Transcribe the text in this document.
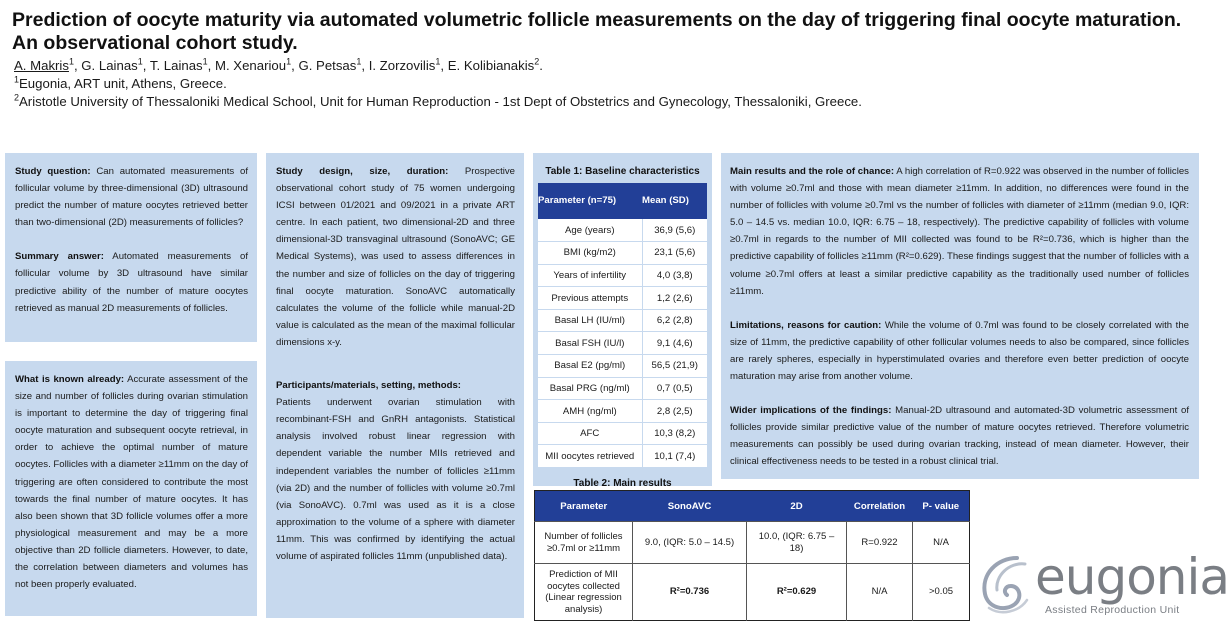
Prediction of oocyte maturity via automated volumetric follicle measurements on the day of triggering final oocyte maturation. An observational cohort study.
A. Makris$^1$, G. Lainas$^1$, T. Lainas$^1$, M. Xenariou$^1$, G. Petsas$^1$, I. Zorzovilis$^1$, E. Kolibianakis$^2$.
$^1$Eugonia, ART unit, Athens, Greece.
$^2$Aristotle University of Thessaloniki Medical School, Unit for Human Reproduction - 1st Dept of Obstetrics and Gynecology, Thessaloniki, Greece.

Study question: Can automated measurements of follicular volume by three-dimensional (3D) ultrasound predict the number of mature oocytes retrieved better than two-dimensional (2D) measurements of follicles?

Summary answer: Automated measurements of follicular volume by 3D ultrasound have similar predictive ability of the number of mature oocytes retrieved as manual 2D measurements of follicles.

What is known already: Accurate assessment of the size and number of follicles during ovarian stimulation is important to determine the day of triggering final oocyte maturation and subsequent oocyte retrieval, in order to achieve the optimal number of mature oocytes. Follicles with a diameter ≥11mm on the day of triggering are often considered to contribute the most towards the final number of mature oocytes. It has also been shown that 3D follicle volumes offer a more physiological measurement and may be a more objective than 2D follicle diameters. However, to date, the correlation between diameters and volumes has not been properly evaluated.

Study design, size, duration: Prospective observational cohort study of 75 women undergoing ICSI between 01/2021 and 09/2021 in a private ART centre. In each patient, two dimensional-2D and three dimensional-3D transvaginal ultrasound (SonoAVC; GE Medical Systems), was used to assess differences in the number and size of follicles on the day of triggering final oocyte maturation. SonoAVC automatically calculates the volume of the follicle while manual-2D value is calculated as the mean of the maximal follicular dimensions x-y.

Participants/materials, setting, methods:

Patients underwent ovarian stimulation with recombinant-FSH and GnRH antagonists. Statistical analysis involved robust linear regression with dependent variable the number MIIs retrieved and independent variables the number of follicles ≥11mm (via 2D) and the number of follicles with volume ≥0.7ml (via SonoAVC). 0.7ml was used as it is a close approximation to the volume of a sphere with diameter 11mm. This was confirmed by identifying the actual volume of aspirated follicles 11mm (unpublished data).

Table 1: Baseline characteristics
Parameter (n=75)	Mean (SD)
Age (years)	36,9 (5,6)
BMI (kg/m2)	23,1 (5,6)
Years of infertility	4,0 (3,8)
Previous attempts	1,2 (2,6)
Basal LH (IU/ml)	6,2 (2,8)
Basal FSH (IU/l)	9,1 (4,6)
Basal E2 (pg/ml)	56,5 (21,9)
Basal PRG (ng/ml)	0,7 (0,5)
AMH (ng/ml)	2,8 (2,5)
AFC	10,3 (8,2)
MII oocytes retrieved	10,1 (7,4)
Table 2: Main results
Parameter	SonoAVC	2D	Correlation	P- value
Number of follicles ≥0.7ml or ≥11mm	9.0, (IQR: 5.0 – 14.5)	10.0, (IQR: 6.75 – 18)	R=0.922	N/A
Prediction of MII oocytes collected (Linear regression analysis)	R²=0.736	R²=0.629	N/A	>0.05

Main results and the role of chance: A high correlation of R=0.922 was observed in the number of follicles with volume ≥0.7ml and those with mean diameter ≥11mm. In addition, no differences were found in the number of follicles with volume ≥0.7ml vs the number of follicles with diameter of ≥11mm (median 9.0, IQR: 5.0 – 14.5 vs. median 10.0, IQR: 6.75 – 18, respectively). The predictive capability of follicles with volume ≥0.7ml in regards to the number of MII collected was found to be R²=0.736, which is higher than the predictive capability of follicles ≥11mm (R²=0.629). These findings suggest that the number of follicles with a volume ≥0.7ml offers at least a similar predictive capability as the traditionally used number of follicles ≥11mm.

Limitations, reasons for caution: While the volume of 0.7ml was found to be closely correlated with the size of 11mm, the predictive capability of other follicular volumes needs to also be compared, since follicles are rarely spheres, especially in hyperstimulated ovaries and therefore even better prediction of oocyte maturation may arise from another volume.

Wider implications of the findings: Manual-2D ultrasound and automated-3D volumetric assessment of follicles provide similar predictive value of the number of mature oocytes retrieved. Therefore volumetric measurements can possibly be used during ovarian tracking, instead of mean diameter. However, their clinical effectiveness needs to be tested in a robust clinical trial.

eugonia
Assisted Reproduction Unit
